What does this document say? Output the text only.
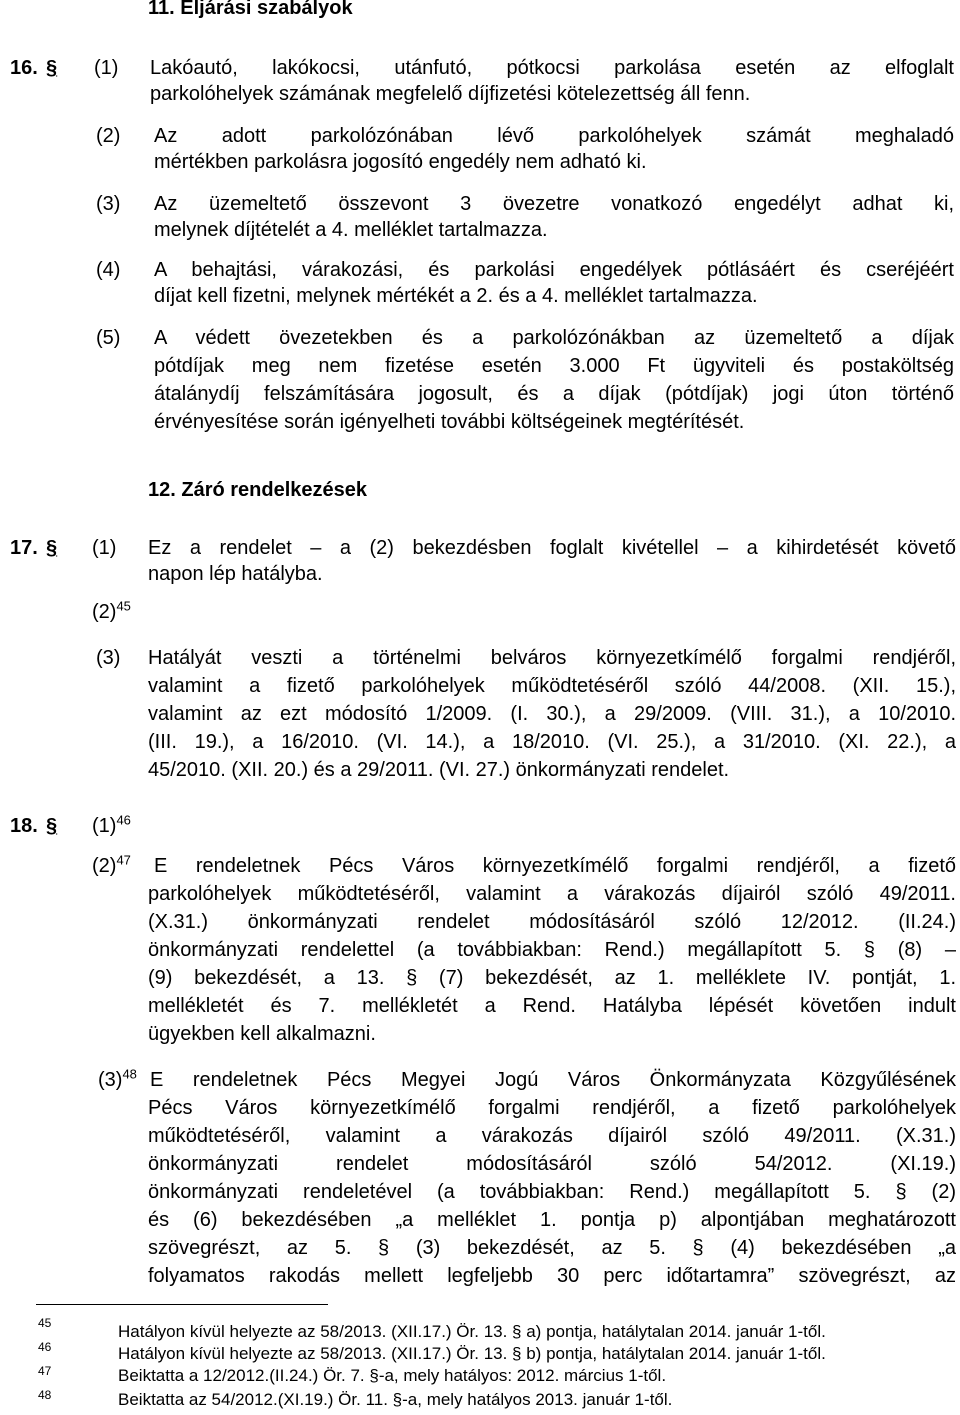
11. Eljárási szabályok
16. § (1) Lakóautó, lakókocsi, utánfutó, pótkocsi parkolása esetén az elfoglalt
parkolóhelyek számának megfelelő díjfizetési kötelezettség áll fenn.
(2) Az adott parkolózónában lévő parkolóhelyek számát meghaladó
mértékben parkolásra jogosító engedély nem adható ki.
(3) Az üzemeltető összevont 3 övezetre vonatkozó engedélyt adhat ki,
melynek díjtételét a 4. melléklet tartalmazza.
(4) A behajtási, várakozási, és parkolási engedélyek pótlásáért és cseréjéért
díjat kell fizetni, melynek mértékét a 2. és a 4. melléklet tartalmazza.
(5) A védett övezetekben és a parkolózónákban az üzemeltető a díjak
pótdíjak meg nem fizetése esetén 3.000 Ft ügyviteli és postaköltség
átalánydíj felszámítására jogosult, és a díjak (pótdíjak) jogi úton történő
érvényesítése során igényelheti további költségeinek megtérítését.
12. Záró rendelkezések
17. § (1) Ez a rendelet – a (2) bekezdésben foglalt kivétellel – a kihirdetését követő
napon lép hatályba.
$(2)^{45}$
(3) Hatályát veszti a történelmi belváros környezetkímélő forgalmi rendjéről,
valamint a fizető parkolóhelyek működtetéséről szóló 44/2008. (XII. 15.),
valamint az ezt módosító 1/2009. (I. 30.), a 29/2009. (VIII. 31.), a 10/2010.
(III. 19.), a 16/2010. (VI. 14.), a 18/2010. (VI. 25.), a 31/2010. (XI. 22.), a
45/2010. (XII. 20.) és a 29/2011. (VI. 27.) önkormányzati rendelet.
18. § $(1)^{46}$
$(2)^{47}$ E rendeletnek Pécs Város környezetkímélő forgalmi rendjéről, a fizető
parkolóhelyek működtetéséről, valamint a várakozás díjairól szóló 49/2011.
(X.31.) önkormányzati rendelet módosításáról szóló 12/2012. (II.24.)
önkormányzati rendelettel (a továbbiakban: Rend.) megállapított 5. § (8) –
(9) bekezdését, a 13. § (7) bekezdését, az 1. melléklete IV. pontját, 1.
mellékletét és 7. mellékletét a Rend. Hatályba lépését követően indult
ügyekben kell alkalmazni.
$(3)^{48}$ E rendeletnek Pécs Megyei Jogú Város Önkormányzata Közgyűlésének
Pécs Város környezetkímélő forgalmi rendjéről, a fizető parkolóhelyek
működtetéséről, valamint a várakozás díjairól szóló 49/2011. (X.31.)
önkormányzati rendelet módosításáról szóló 54/2012. (XI.19.)
önkormányzati rendeletével (a továbbiakban: Rend.) megállapított 5. § (2)
és (6) bekezdésében „a melléklet 1. pontja p) alpontjában meghatározott
szövegrészt, az 5. § (3) bekezdését, az 5. § (4) bekezdésében „a
folyamatos rakodás mellett legfeljebb 30 perc időtartamra” szövegrészt, az
45	Hatályon kívül helyezte az 58/2013. (XII.17.) Ör. 13. § a) pontja, hatálytalan 2014. január 1-től.
46	Hatályon kívül helyezte az 58/2013. (XII.17.) Ör. 13. § b) pontja, hatálytalan 2014. január 1-től.
47	Beiktatta a 12/2012.(II.24.) Ör. 7. §-a, mely hatályos: 2012. március 1-től.
48	Beiktatta az 54/2012.(XI.19.) Ör. 11. §-a, mely hatályos 2013. január 1-től.
